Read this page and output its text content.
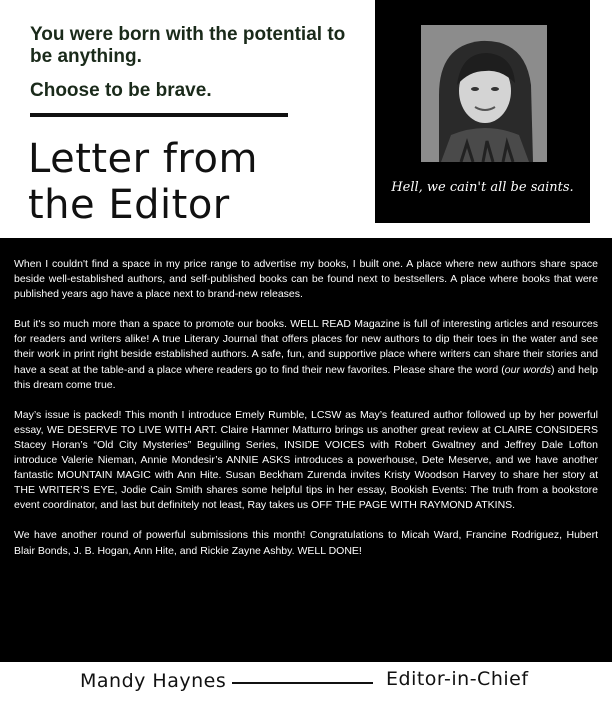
You were born with the potential to be anything.

Choose to be brave.

Letter from
the Editor	Hell, we cain't all be saints.

When I couldn't find a space in my price range to advertise my books, I built one. A place where new authors share space beside well-established authors, and self-published books can be found next to bestsellers. A place where books that were published years ago have a place next to brand-new releases.

But it's so much more than a space to promote our books. WELL READ Magazine is full of interesting articles and resources for readers and writers alike! A true Literary Journal that offers places for new authors to dip their toes in the water and see their work in print right beside established authors. A safe, fun, and supportive place where writers can share their stories and have a seat at the table-and a place where readers go to find their new favorites. Please share the word (our words) and help this dream come true.

May’s issue is packed! This month I introduce Emely Rumble, LCSW as May’s featured author followed up by her powerful essay, WE DESERVE TO LIVE WITH ART. Claire Hamner Matturro brings us another great review at CLAIRE CONSIDERS Stacey Horan’s “Old City Mysteries” Beguiling Series, INSIDE VOICES with Robert Gwaltney and Jeffrey Dale Lofton introduce Valerie Nieman, Annie Mondesir’s ANNIE ASKS introduces a powerhouse, Dete Meserve, and we have another fantastic MOUNTAIN MAGIC with Ann Hite. Susan Beckham Zurenda invites Kristy Woodson Harvey to share her story at THE WRITER’S EYE, Jodie Cain Smith shares some helpful tips in her essay, Bookish Events: The truth from a bookstore event coordinator, and last but definitely not least, Ray takes us OFF THE PAGE WITH RAYMOND ATKINS.

We have another round of powerful submissions this month! Congratulations to Micah Ward, Francine Rodriguez, Hubert Blair Bonds, J. B. Hogan, Ann Hite, and Rickie Zayne Ashby. WELL DONE!

Mandy Haynes	Editor-in-Chief
